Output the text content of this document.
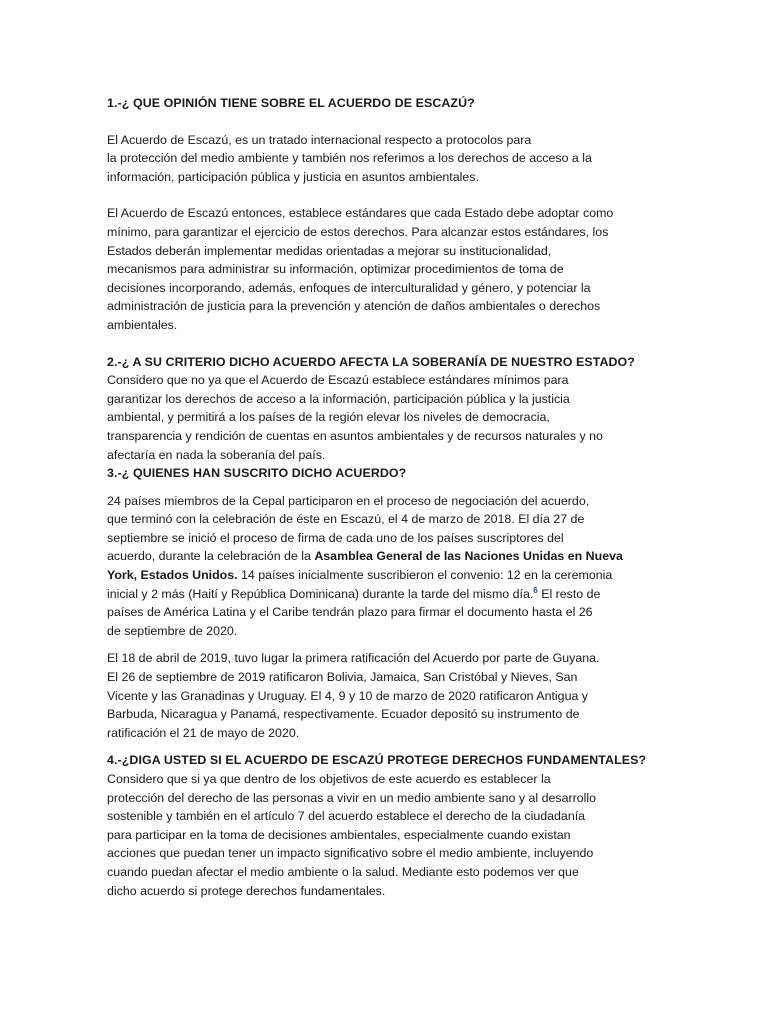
1.-¿ QUE OPINIÓN TIENE SOBRE EL ACUERDO DE ESCAZÚ?

El Acuerdo de Escazú, es un tratado internacional respecto a protocolos para

la protección del medio ambiente y también nos referimos a los derechos de acceso a la

información, participación pública y justicia en asuntos ambientales.

El Acuerdo de Escazú entonces, establece estándares que cada Estado debe adoptar como

mínimo, para garantizar el ejercicio de estos derechos. Para alcanzar estos estándares, los

Estados deberán implementar medidas orientadas a mejorar su institucionalidad,

mecanismos para administrar su información, optimizar procedimientos de toma de

decisiones incorporando, además, enfoques de interculturalidad y género, y potenciar la

administración de justicia para la prevención y atención de daños ambientales o derechos

ambientales.

2.-¿ A SU CRITERIO DICHO ACUERDO AFECTA LA SOBERANÍA DE NUESTRO ESTADO?

Considero que no ya que el Acuerdo de Escazú establece estándares mínimos para

garantizar los derechos de acceso a la información, participación pública y la justicia

ambiental, y permitirá a los países de la región elevar los niveles de democracia,

transparencia y rendición de cuentas en asuntos ambientales y de recursos naturales y no

afectaría en nada la soberanía del país.

3.-¿ QUIENES HAN SUSCRITO DICHO ACUERDO?

24 países miembros de la Cepal participaron en el proceso de negociación del acuerdo,

que terminó con la celebración de éste en Escazú, el 4 de marzo de 2018. El día 27 de

septiembre se inició el proceso de firma de cada uno de los países suscriptores del

acuerdo, durante la celebración de la Asamblea General de las Naciones Unidas en Nueva

York, Estados Unidos. 14 países inicialmente suscribieron el convenio: 12 en la ceremonia

inicial y 2 más (Haití y República Dominicana) durante la tarde del mismo día.$^6$ El resto de

países de América Latina y el Caribe tendrán plazo para firmar el documento hasta el 26

de septiembre de 2020.

El 18 de abril de 2019, tuvo lugar la primera ratificación del Acuerdo por parte de Guyana.

El 26 de septiembre de 2019 ratificaron Bolivia, Jamaica, San Cristóbal y Nieves, San

Vicente y las Granadinas y Uruguay. El 4, 9 y 10 de marzo de 2020 ratificaron Antigua y

Barbuda, Nicaragua y Panamá, respectivamente. Ecuador depositó su instrumento de

ratificación el 21 de mayo de 2020.

4.-¿DIGA USTED SI EL ACUERDO DE ESCAZÚ PROTEGE DERECHOS FUNDAMENTALES?

Considero que si ya que dentro de los objetivos de este acuerdo es establecer la

protección del derecho de las personas a vivir en un medio ambiente sano y al desarrollo

sostenible y también en el artículo 7 del acuerdo establece el derecho de la ciudadanía

para participar en la toma de decisiones ambientales, especialmente cuando existan

acciones que puedan tener un impacto significativo sobre el medio ambiente, incluyendo

cuando puedan afectar el medio ambiente o la salud. Mediante esto podemos ver que

dicho acuerdo si protege derechos fundamentales.
